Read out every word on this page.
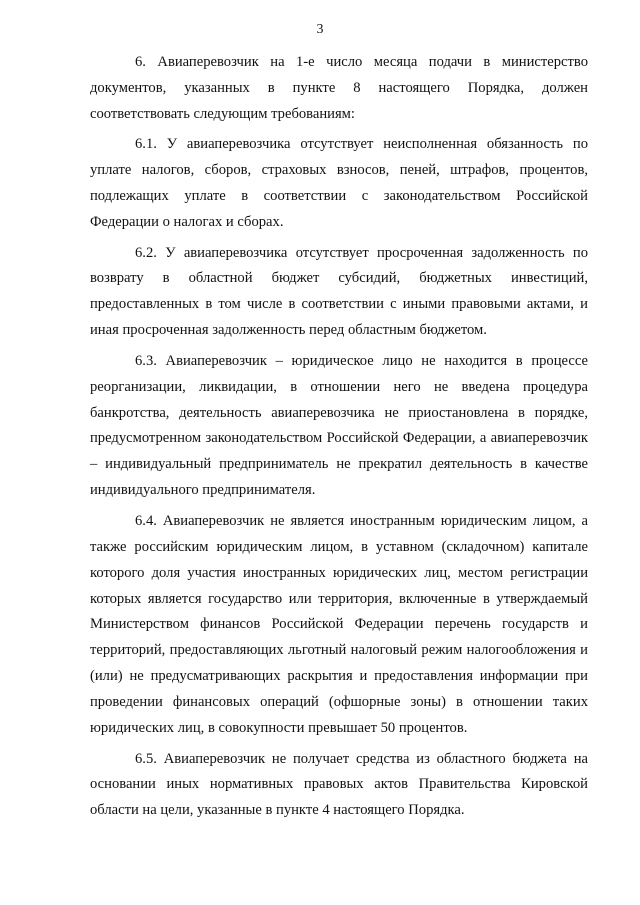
3

6. Авиаперевозчик на 1-е число месяца подачи в министерство документов, указанных в пункте 8 настоящего Порядка, должен соответствовать следующим требованиям:

6.1. У авиаперевозчика отсутствует неисполненная обязанность по уплате налогов, сборов, страховых взносов, пеней, штрафов, процентов, подлежащих уплате в соответствии с законодательством Российской Федерации о налогах и сборах.

6.2. У авиаперевозчика отсутствует просроченная задолженность по возврату в областной бюджет субсидий, бюджетных инвестиций, предоставленных в том числе в соответствии с иными правовыми актами, и иная просроченная задолженность перед областным бюджетом.

6.3. Авиаперевозчик – юридическое лицо не находится в процессе реорганизации, ликвидации, в отношении него не введена процедура банкротства, деятельность авиаперевозчика не приостановлена в порядке, предусмотренном законодательством Российской Федерации, а авиаперевозчик – индивидуальный предприниматель не прекратил деятельность в качестве индивидуального предпринимателя.

6.4. Авиаперевозчик не является иностранным юридическим лицом, а также российским юридическим лицом, в уставном (складочном) капитале которого доля участия иностранных юридических лиц, местом регистрации которых является государство или территория, включенные в утверждаемый Министерством финансов Российской Федерации перечень государств и территорий, предоставляющих льготный налоговый режим налогообложения и (или) не предусматривающих раскрытия и предоставления информации при проведении финансовых операций (офшорные зоны) в отношении таких юридических лиц, в совокупности превышает 50 процентов.

6.5. Авиаперевозчик не получает средства из областного бюджета на основании иных нормативных правовых актов Правительства Кировской области на цели, указанные в пункте 4 настоящего Порядка.
